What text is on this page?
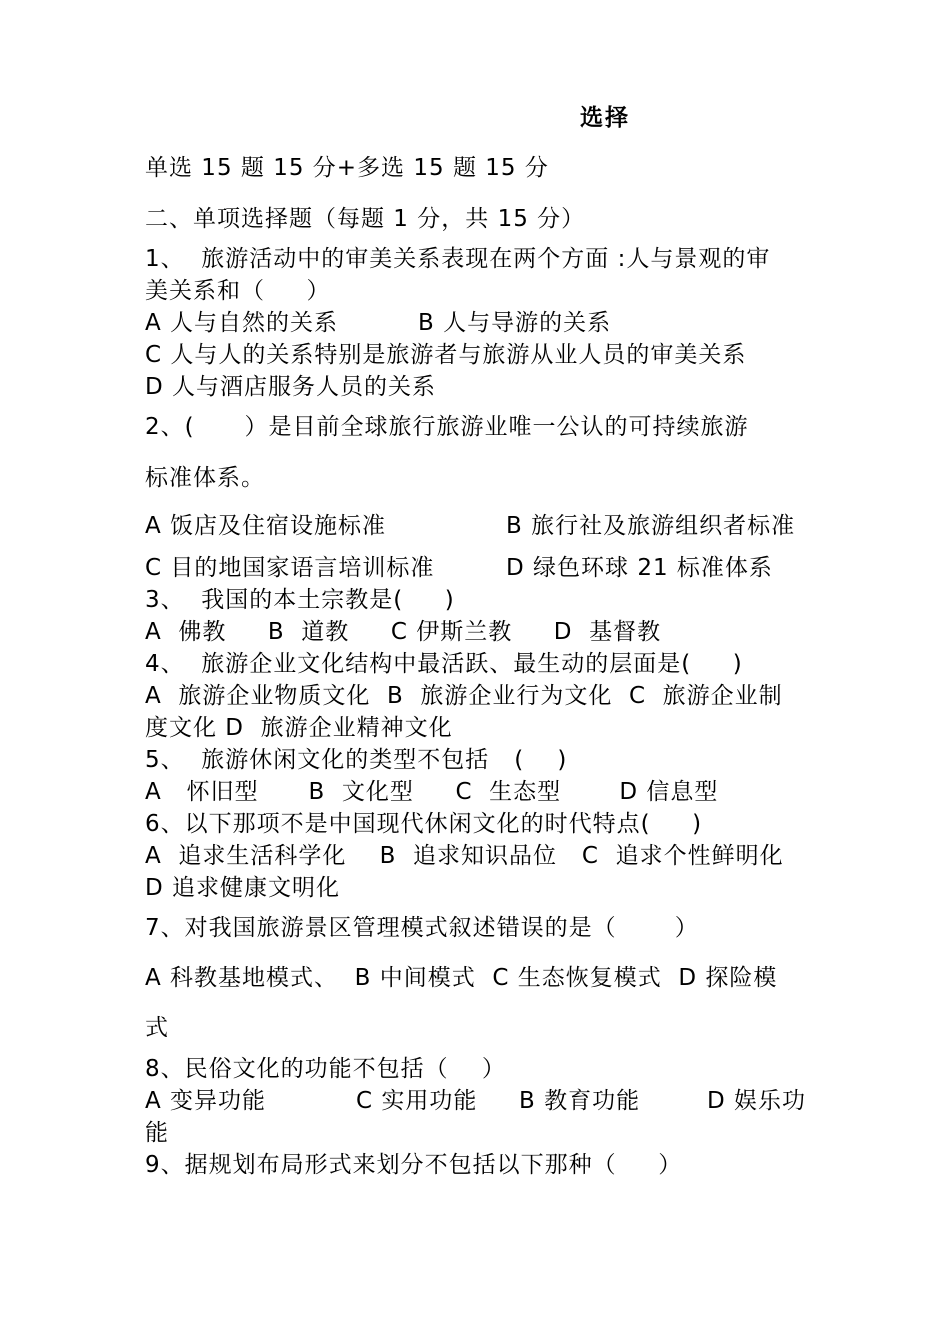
选择
单选 15 题 15 分+多选 15 题 15 分
二、单项选择题（每题 1 分，共 15 分）
1、  旅游活动中的审美关系表现在两个方面 :人与景观的审
美关系和（     ）
A 人与自然的关系	B 人与导游的关系
C 人与人的关系特别是旅游者与旅游从业人员的审美关系
D 人与酒店服务人员的关系
2、(      ）是目前全球旅行旅游业唯一公认的可持续旅游
标准体系。
A 饭店及住宿设施标准	B 旅行社及旅游组织者标准
C 目的地国家语言培训标准	D 绿色环球 21 标准体系
3、  我国的本土宗教是(     )
A  佛教     B  道教     C 伊斯兰教     D  基督教
4、  旅游企业文化结构中最活跃、最生动的层面是(     )
A  旅游企业物质文化  B  旅游企业行为文化  C  旅游企业制
度文化 D  旅游企业精神文化
5、  旅游休闲文化的类型不包括   (    )
A   怀旧型      B  文化型     C  生态型       D 信息型
6、以下那项不是中国现代休闲文化的时代特点(     )
A  追求生活科学化    B  追求知识品位   C  追求个性鲜明化
D 追求健康文明化
7、对我国旅游景区管理模式叙述错误的是（       ）
A 科教基地模式、  B 中间模式  C 生态恢复模式  D 探险模
式
8、民俗文化的功能不包括（    ）
A 变异功能	C 实用功能 B 教育功能	D 娱乐功
能
9、据规划布局形式来划分不包括以下那种（     ）
